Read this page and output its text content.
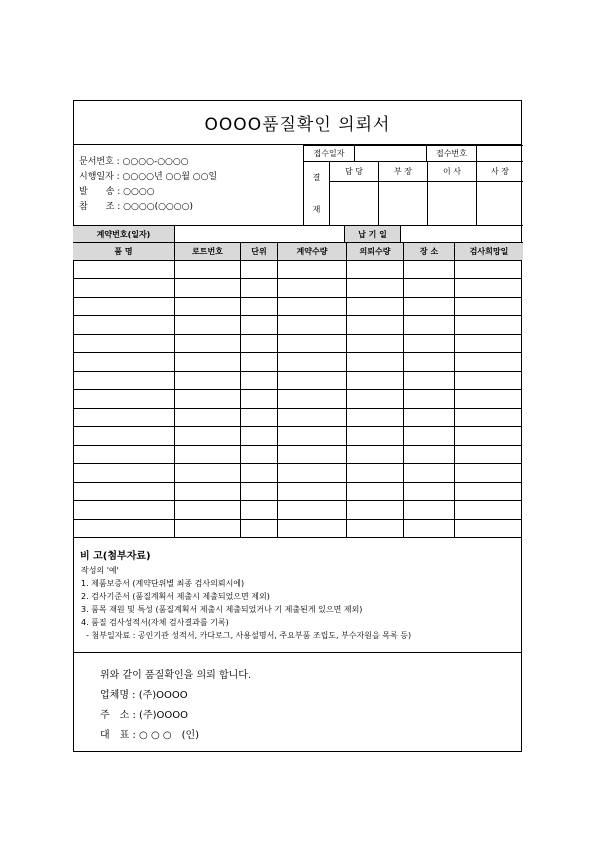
OOOO품질확인 의뢰서
문서번호 : ○○○○-○○○○
시행일자 : ○○○○년 ○○월 ○○일
발　　송 : ○○○○
참　　조 : ○○○○(○○○○)
접수일자	접수번호
결
재
담 당	부 장	이 사	사 장
계약번호(일자)	납 기 일
품 명	로트번호	단위	계약수량	의뢰수량	장 소	검사희망일
비 고(첨부자료)
작성의 '예'
1. 제품보증서 (계약단위별 최종 검사의뢰시에)
2. 검사기준서 (품질계획서 제출시 제출되었으면 제외)
3. 품목 재원 및 특성 (품질계획서 제출시 제출되었거나 기 제출된게 있으면 제외)
4. 품질 검사성적서(자체 검사결과를 기록)
- 첨부일자료 : 공인기관 성적서, 카다로그, 사용설명서, 주요부품 조립도, 부수자원을 목록 등)
위와 같이 품질확인을 의뢰 합니다.
업체명 : (주)OOOO
주　소 : (주)OOOO
대　표 : ○ ○ ○　(인)
